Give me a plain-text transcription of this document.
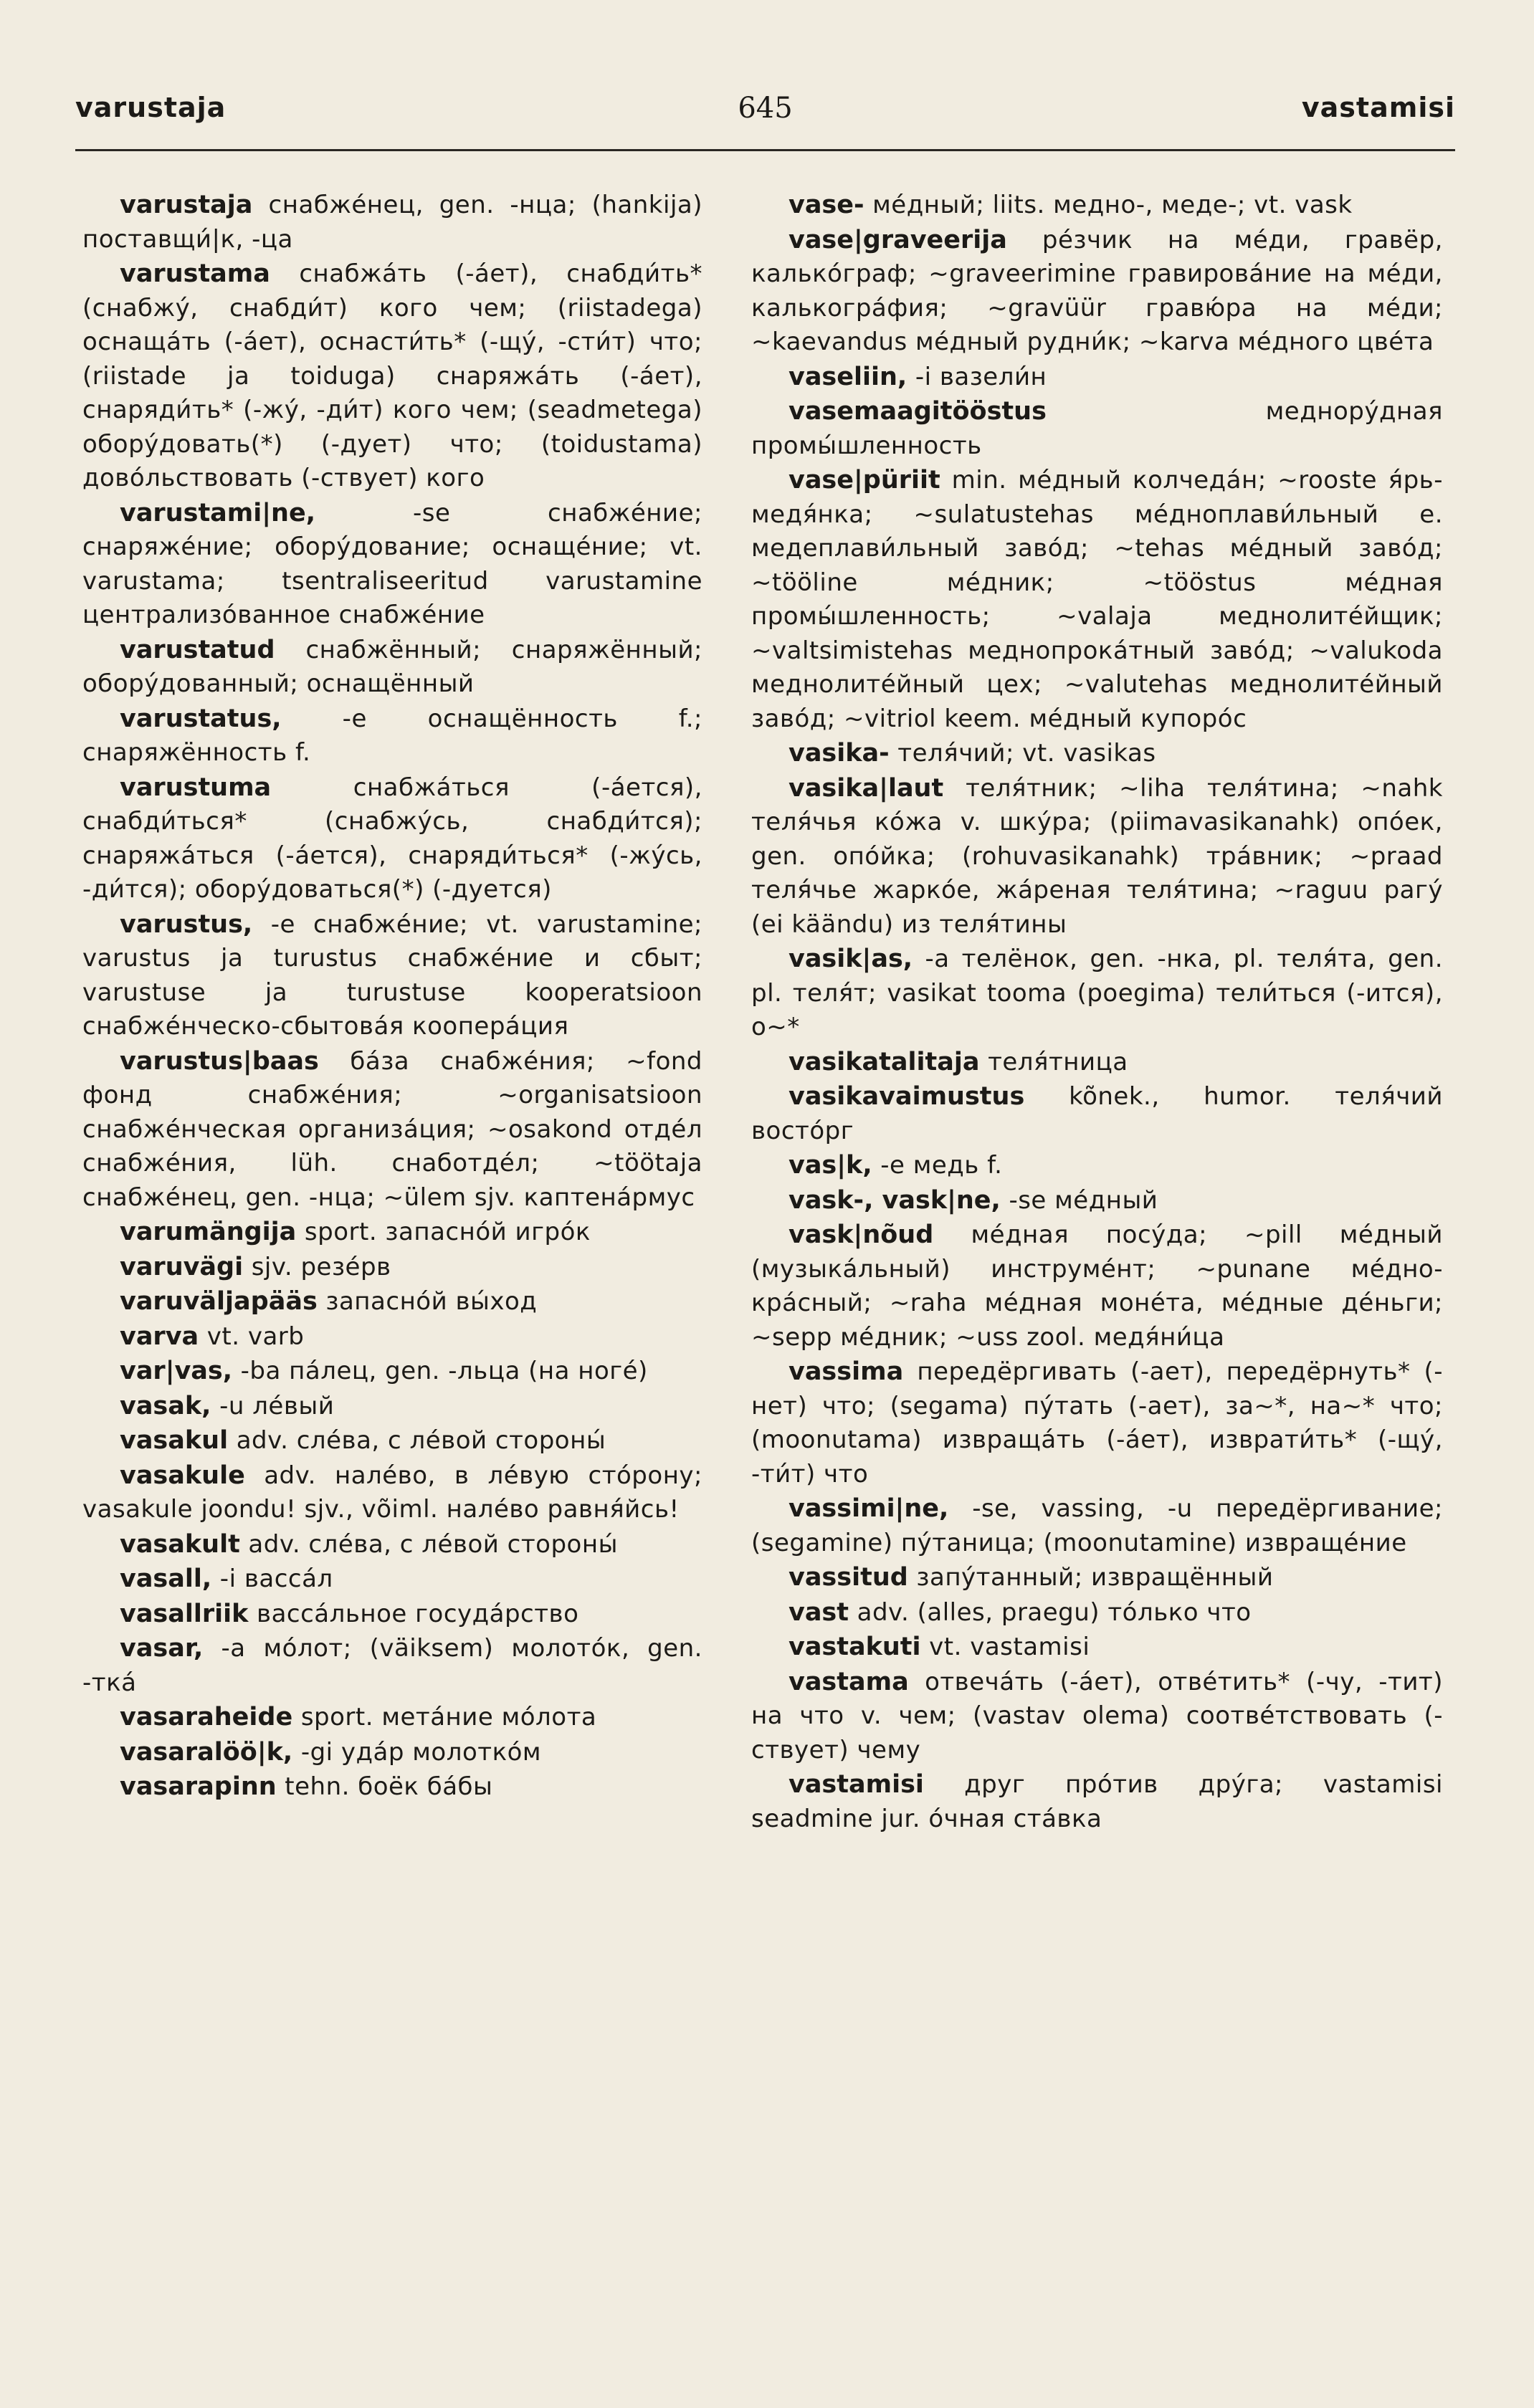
varustaja	645	vastamisi

varustaja снабжéнец, gen. -нца; (hankija) поставщи́|к, -ца

varustama снабжáть (-áет), снабди́ть* (снабжý, снабди́т) кого чем; (riistadega) оснащáть (-áет), оснасти́ть* (-щý, -сти́т) что; (riistade ja toiduga) снаряжáть (-áет), снаряди́ть* (-жý, -ди́т) кого чем; (seadmetega) оборýдовать(*) (-дует) что; (toidustama) довóльствовать (-ствует) кого

varustami|ne,	-se снабжéние; снаряжéние; оборýдование; оснащéние; vt. varustama; tsentraliseeritud varustamine централизóванное снабжéние

varustatud снабжённый; снаряжённый; оборýдованный; оснащённый

varustatus,	-e оснащённость f.; снаряжённость f.

varustuma	снабжáться (-áется), снабди́ться* (снабжýсь, снабди́тся); снаряжáться (-áется), снаряди́ться* (-жýсь, -ди́тся); оборýдоваться(*) (-дуется)

varustus, -e снабжéние; vt. varustamine; varustus ja turustus снабжéние и сбыт; varustuse ja turustuse kooperatsioon снабжéнческо-сбытовáя кооперáция

varustus|baas бáза снабжéния; ~fond фонд снабжéния; ~organisatsioon снабжéнческая организáция; ~osakond отдéл снабжéния, lüh. снаботдéл; ~töötaja снабжéнец, gen. -нца; ~ülem sjv. каптенáрмус

varumängija sport. запаснóй игрóк

varuvägi sjv. резéрв

varuväljapääs запаснóй вы́ход

varva vt. varb

var|vas, -ba пáлец, gen. -льца (на ногé)

vasak, -u лéвый

vasakul adv. слéва, с лéвой стороны́

vasakule adv. налéво, в лéвую стóрону; vasakule joondu! sjv., võiml. налéво равня́йсь!

vasakult adv. слéва, с лéвой стороны́

vasall, -i вассáл

vasallriik вассáльное госудáрство

vasar, -a мóлот; (väiksem) молотóк, gen. -ткá

vasaraheide sport. метáние мóлота

vasaralöö|k, -gi удáр молоткóм

vasarapinn tehn. боёк бáбы

vase- мéдный; liits. медно-, меде-; vt. vask

vase|graveerija рéзчик на мéди, гравёр, калькóграф; ~graveerimine гравировáние на мéди, калькогрáфия; ~gravüür гравю́ра на мéди; ~kaevandus мéдный рудни́к; ~karva мéдного цвéта

vaseliin, -i вазели́н

vasemaagitööstus	меднорýдная промы́шленность

vase|püriit min. мéдный колчедáн; ~rooste я́рь-медя́нка; ~sulatustehas мéдноплави́льный e. медеплави́льный завóд; ~tehas мéдный завóд; ~tööline мéдник; ~tööstus мéдная промы́шленность; ~valaja меднолитéйщик; ~valtsimistehas меднопрокáтный завóд; ~valukoda меднолитéйный цех; ~valutehas меднолитéйный завóд; ~vitriol keem. мéдный купорóс

vasika- теля́чий; vt. vasikas

vasika|laut теля́тник; ~liha теля́тина; ~nahk теля́чья кóжа v. шкýра; (piimavasikanahk) опóек, gen. опóйка; (rohuvasikanahk) трáвник; ~praad теля́чье жаркóе, жáреная теля́тина; ~raguu рагý (ei käändu) из теля́тины

vasik|as, -a телёнок, gen. -нка, pl. теля́та, gen. pl. теля́т; vasikat tooma (poegima) тели́ться (-ится), о~*

vasikatalitaja теля́тница

vasikavaimustus kõnek., humor. теля́чий востóрг

vas|k, -e медь f.

vask-, vask|ne, -se мéдный

vask|nõud мéдная посýда; ~pill мéдный (музыкáльный) инструмéнт; ~punane мéдно-крáсный; ~raha мéдная монéта, мéдные дéньги; ~sepp мéдник; ~uss zool. медя́ни́ца

vassima передёргивать (-ает), передёрнуть* (-нет) что; (segama) пýтать (-ает), за~*, на~* что; (moonutama) извращáть (-áет), изврати́ть* (-щý, -ти́т) что

vassimi|ne, -se, vassing, -u передёргивание; (segamine) пýтаница; (moonutamine) извращéние

vassitud запýтанный; извращённый

vast adv. (alles, praegu) тóлько что

vastakuti vt. vastamisi

vastama отвечáть (-áет), отвéтить* (-чу, -тит) на что v. чем; (vastav olema) соотвéтствовать (-ствует) чему

vastamisi друг прóтив дрýга; vastamisi seadmine jur. óчная стáвка
